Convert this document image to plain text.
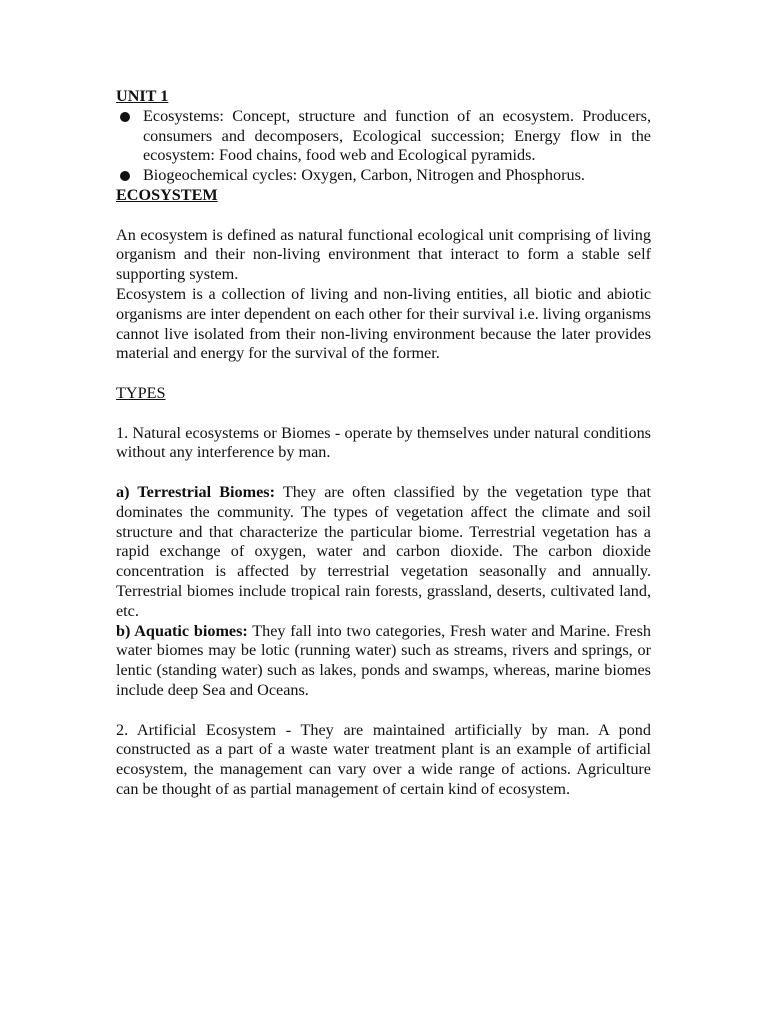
UNIT 1
Ecosystems: Concept, structure and function of an ecosystem. Producers, consumers and decomposers, Ecological succession; Energy flow in the ecosystem: Food chains, food web and Ecological pyramids.
Biogeochemical cycles: Oxygen, Carbon, Nitrogen and Phosphorus.
ECOSYSTEM

An ecosystem is defined as natural functional ecological unit comprising of living organism and their non-living environment that interact to form a stable self supporting system.

Ecosystem is a collection of living and non-living entities, all biotic and abiotic organisms are inter dependent on each other for their survival i.e. living organisms cannot live isolated from their non-living environment because the later provides material and energy for the survival of the former.

TYPES

1. Natural ecosystems or Biomes - operate by themselves under natural conditions without any interference by man.

a) Terrestrial Biomes: They are often classified by the vegetation type that dominates the community. The types of vegetation affect the climate and soil structure and that characterize the particular biome. Terrestrial vegetation has a rapid exchange of oxygen, water and carbon dioxide. The carbon dioxide concentration is affected by terrestrial vegetation seasonally and annually. Terrestrial biomes include tropical rain forests, grassland, deserts, cultivated land, etc.

b) Aquatic biomes: They fall into two categories, Fresh water and Marine. Fresh water biomes may be lotic (running water) such as streams, rivers and springs, or lentic (standing water) such as lakes, ponds and swamps, whereas, marine biomes include deep Sea and Oceans.

2. Artificial Ecosystem - They are maintained artificially by man. A pond constructed as a part of a waste water treatment plant is an example of artificial ecosystem, the management can vary over a wide range of actions. Agriculture can be thought of as partial management of certain kind of ecosystem.
